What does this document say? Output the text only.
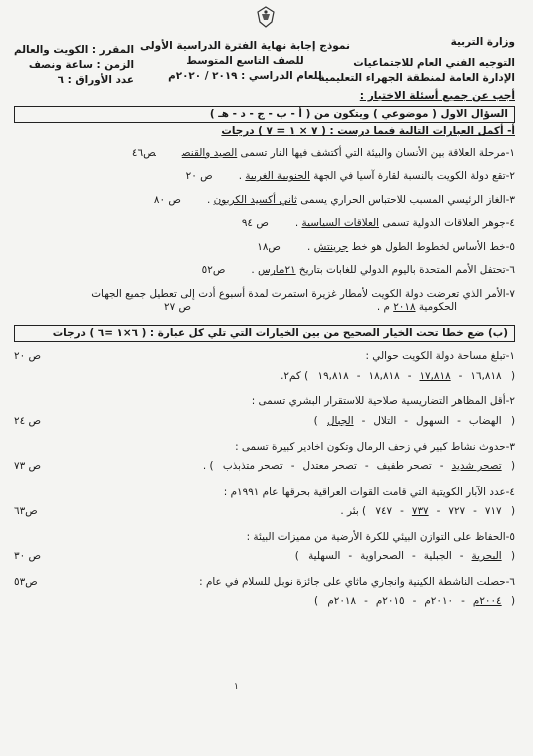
وزارة التربية
التوجيه الفني العام للاجتماعيات
الإدارة العامة لمنطقة الجهراء التعليمية
نموذج إجابة نهاية الفترة الدراسية الأولى
للصف التاسع المتوسط
للعام الدراسي : ٢٠١٩ / ٢٠٢٠م
المقرر : الكويت والعالم
الزمن : ساعة ونصف
عدد الأوراق : ٦
أجب عن جميع أسئلة الاختبار :
السؤال الاول ( موضوعي ) ويتكون من ( أ - ب - ج - د - هـ )
أ- أكمل العبارات التالية فيما درست : ( ٧ × ١ = ٧ ) درجات
١-مرحلة العلاقة بين الأنسان والبيئة التي أكتشف فيها النار تسمى الصيد والقنصص٤٦
٢-تقع دولة الكويت بالنسبة لقارة آسيا في الجهة الجنوبية الغربية .ص ٢٠
٣-الغاز الرئيسي المسبب للاحتباس الحراري يسمى ثاني أكسيد الكربون .ص ٨٠
٤-جوهر العلاقات الدولية تسمى العلاقات السياسية .ص ٩٤
٥-خط الأساس لخطوط الطول هو خط جرينتش .ص١٨
٦-تحتفل الأمم المتحدة باليوم الدولي للغابات بتاريخ ٢١مارس .ص٥٢
٧-الأمر الذي تعرضت دولة الكويت لأمطار غزيرة استمرت لمدة أسبوع أدت إلى تعطيل جميع الجهات
الحكومية ٢٠١٨ م .
ص ٢٧
(ب) ضع خطا تحت الخيار الصحيح من بين الخيارات التي تلي كل عبارة : ( ٦×١ =٦ ) درجات
١-تبلغ مساحة دولة الكويت حوالي :
ص ٢٠
( ١٦,٨١٨-١٧,٨١٨-١٨,٨١٨-١٩,٨١٨ ) كم٢.
٢-أقل المظاهر التضاريسية صلاحية للاستقرار البشري تسمى :
( الهضاب-السهول-التلال-الجبال )
ص ٢٤
٣-حدوث نشاط كبير في زحف الرمال وتكون اخادير كبيرة تسمى :
( تصحر شديد-تصحر طفيف-تصحر معتدل-تصحر متذبذب ) .
ص ٧٣
٤-عدد الآبار الكويتية التي قامت القوات العراقية بحرقها عام ١٩٩١م :
( ٧١٧-٧٢٧-٧٣٧-٧٤٧ ) بئر .
ص٦٣
٥-الحفاظ على التوازن البيئي للكرة الأرضية من مميزات البيئة :
( البحرية-الجبلية-الصحراوية-السهلية )
ص ٣٠
٦-حصلت الناشطة الكينية وانجاري ماثاي على جائزة نوبل للسلام في عام :
ص٥٣
( ٢٠٠٤م-٢٠١٠م-٢٠١٥م-٢٠١٨م )
١
